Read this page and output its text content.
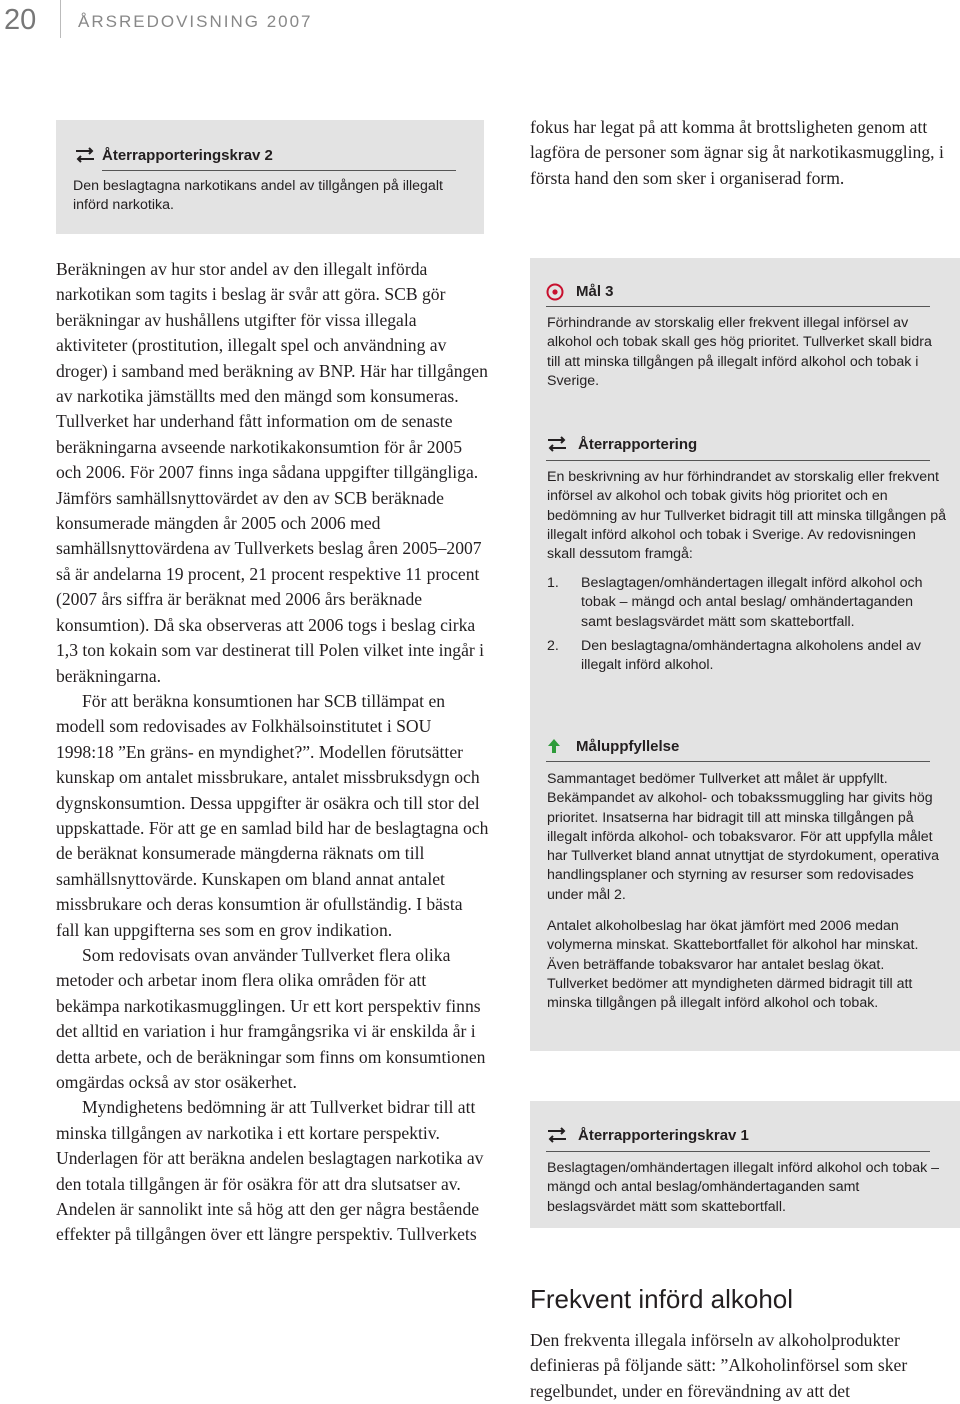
20 ÅRSREDOVISNING 2007
Återrapporteringskrav 2

Den beslagtagna narkotikans andel av tillgången på illegalt införd narkotika.

fokus har legat på att komma åt brottsligheten genom att lagföra de personer som ägnar sig åt narkotikasmuggling, i första hand den som sker i organiserad form.

Beräkningen av hur stor andel av den illegalt införda narkotikan som tagits i beslag är svår att göra. SCB gör beräkningar av hushållens utgifter för vissa illegala aktiviteter (prostitution, illegalt spel och användning av droger) i samband med beräkning av BNP. Här har tillgången av narkotika jämställts med den mängd som konsumeras. Tullverket har underhand fått information om de senaste beräkningarna avseende narkotikakonsumtion för år 2005 och 2006. För 2007 finns inga sådana uppgifter tillgängliga. Jämförs samhällsnyttovärdet av den av SCB beräknade konsumerade mängden år 2005 och 2006 med samhällsnyttovärdena av Tullverkets beslag åren 2005–2007 så är andelarna 19 procent, 21 procent respektive 11 procent (2007 års siffra är beräknat med 2006 års beräknade konsumtion). Då ska observeras att 2006 togs i beslag cirka 1,3 ton kokain som var destinerat till Polen vilket inte ingår i beräkningarna.

För att beräkna konsumtionen har SCB tillämpat en modell som redovisades av Folkhälsoinstitutet i SOU 1998:18 ”En gräns- en myndighet?”. Modellen förutsätter kunskap om antalet missbrukare, antalet missbruksdygn och dygnskonsumtion. Dessa uppgifter är osäkra och till stor del uppskattade. För att ge en samlad bild har de beslagtagna och de beräknat konsumerade mängderna räknats om till samhällsnyttovärde. Kunskapen om bland annat antalet missbrukare och deras konsumtion är ofullständig. I bästa fall kan uppgifterna ses som en grov indikation.

Som redovisats ovan använder Tullverket flera olika metoder och arbetar inom flera olika områden för att bekämpa narkotikasmugglingen. Ur ett kort perspektiv finns det alltid en variation i hur framgångsrika vi är enskilda år i detta arbete, och de beräkningar som finns om konsumtionen omgärdas också av stor osäkerhet.

Myndighetens bedömning är att Tullverket bidrar till att minska tillgången av narkotika i ett kortare perspektiv. Underlagen för att beräkna andelen beslagtagen narkotika av den totala tillgången är för osäkra för att dra slutsatser av. Andelen är sannolikt inte så hög att den ger några bestående effekter på tillgången över ett längre perspektiv. Tullverkets

Mål 3

Förhindrande av storskalig eller frekvent illegal införsel av alkohol och tobak skall ges hög prioritet. Tullverket skall bidra till att minska tillgången på illegalt införd alkohol och tobak i Sverige.

Återrapportering

En beskrivning av hur förhindrandet av storskalig eller frekvent införsel av alkohol och tobak givits hög prioritet och en bedömning av hur Tullverket bidragit till att minska tillgången på illegalt införd alkohol och tobak i Sverige. Av redovisningen skall dessutom framgå:

1. Beslagtagen/omhändertagen illegalt införd alkohol och tobak – mängd och antal beslag/ omhändertaganden samt beslagsvärdet mätt som skattebortfall.
2. Den beslagtagna/omhändertagna alkoholens andel av illegalt införd alkohol.
Måluppfyllelse

Sammantaget bedömer Tullverket att målet är uppfyllt. Bekämpandet av alkohol- och tobakssmuggling har givits hög prioritet. Insatserna har bidragit till att minska tillgången på illegalt införda alkohol- och tobaksvaror. För att uppfylla målet har Tullverket bland annat utnyttjat de styrdokument, operativa handlingsplaner och styrning av resurser som redovisades under mål 2.

Antalet alkoholbeslag har ökat jämfört med 2006 medan volymerna minskat. Skattebortfallet för alkohol har minskat. Även beträffande tobaksvaror har antalet beslag ökat. Tullverket bedömer att myndigheten därmed bidragit till att minska tillgången på illegalt införd alkohol och tobak.

Återrapporteringskrav 1

Beslagtagen/omhändertagen illegalt införd alkohol och tobak – mängd och antal beslag/omhändertaganden samt beslagsvärdet mätt som skattebortfall.

Frekvent införd alkohol

Den frekventa illegala införseln av alkoholprodukter definieras på följande sätt: ”Alkoholinförsel som sker regelbundet, under en förevändning av att det
